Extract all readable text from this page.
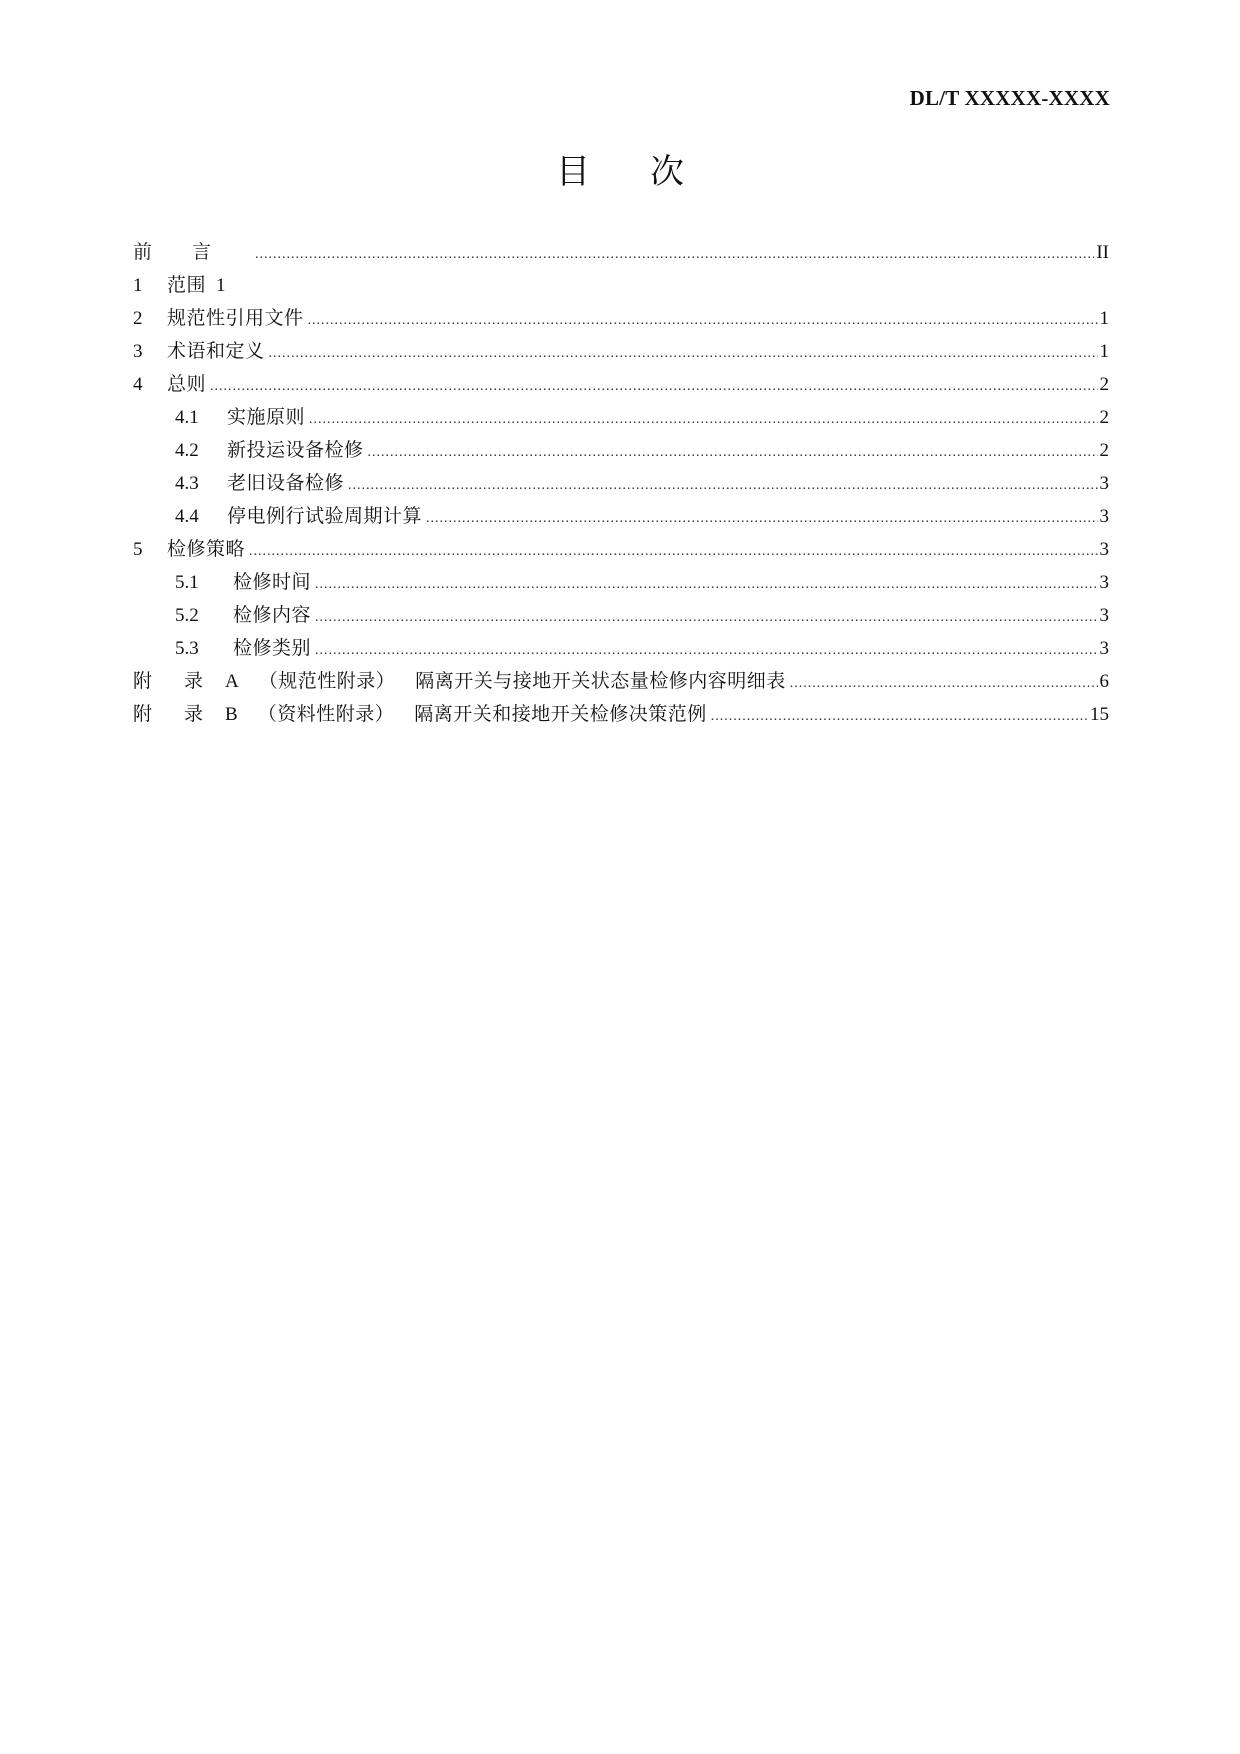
DL/T XXXXX-XXXX
目 次
前言 .....	II
1	范围 1
2	规范性引用文件 .....	1
3	术语和定义 .....	1
4	总则 .....	2
4.1	实施原则 .....	2
4.2	新投运设备检修 .....	2
4.3	老旧设备检修 .....	3
4.4	停电例行试验周期计算 .....	3
5	检修策略 .....	3
5.1	检修时间 .....	3
5.2	检修内容 .....	3
5.3	检修类别 .....	3
附 录 A （规范性附录）	隔离开关与接地开关状态量检修内容明细表 .....	6
附 录 B （资料性附录）	隔离开关和接地开关检修决策范例 .....	15
